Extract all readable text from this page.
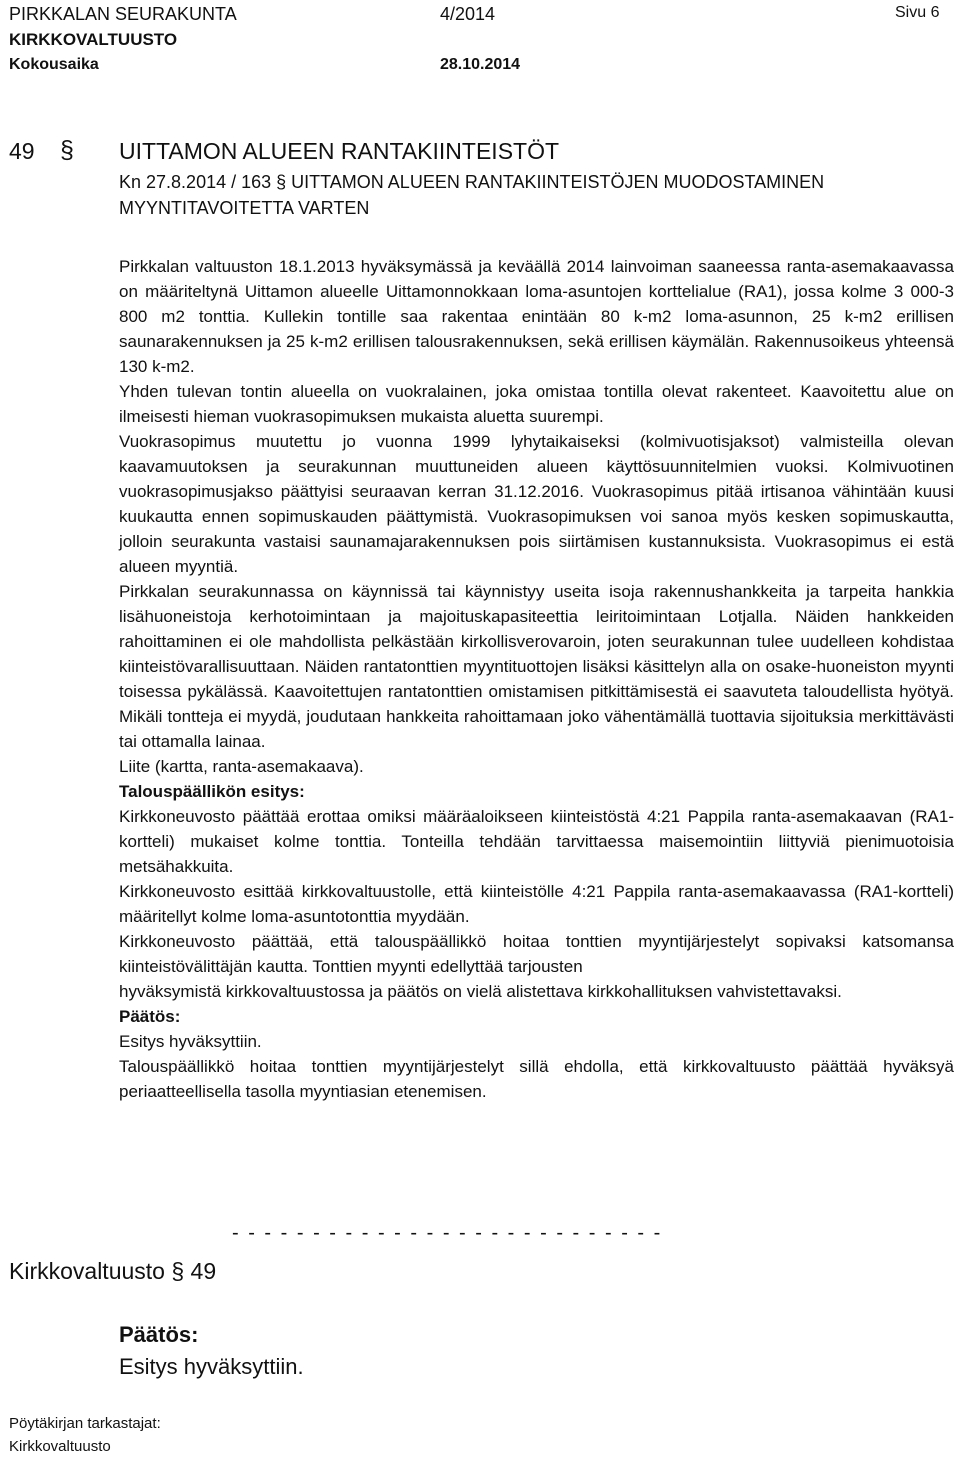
PIRKKALAN SEURAKUNTA	4/2014	Sivu 6
KIRKKOVALTUUSTO
Kokousaika	28.10.2014
49 § UITTAMON ALUEEN RANTAKIINTEISTÖT
Kn 27.8.2014 / 163 § UITTAMON ALUEEN RANTAKIINTEISTÖJEN MUODOSTAMINEN
MYYNTITAVOITETTA VARTEN

Pirkkalan valtuuston 18.1.2013 hyväksymässä ja keväällä 2014 lainvoiman saaneessa ranta-asemakaavassa on määriteltynä Uittamon alueelle Uittamonnokkaan loma-asuntojen korttelialue (RA1), jossa kolme 3 000-3 800 m2 tonttia. Kullekin tontille saa rakentaa enintään 80 k-m2 loma-asunnon, 25 k-m2 erillisen saunarakennuksen ja 25 k-m2 erillisen talousrakennuksen, sekä erillisen käymälän. Rakennusoikeus yhteensä 130 k-m2.

Yhden tulevan tontin alueella on vuokralainen, joka omistaa tontilla olevat rakenteet. Kaavoitettu alue on ilmeisesti hieman vuokrasopimuksen mukaista aluetta suurempi.

Vuokrasopimus muutettu jo vuonna 1999 lyhytaikaiseksi (kolmivuotisjaksot) valmisteilla olevan kaavamuutoksen ja seurakunnan muuttuneiden alueen käyttösuunnitelmien vuoksi. Kolmivuotinen vuokrasopimusjakso päättyisi seuraavan kerran 31.12.2016. Vuokrasopimus pitää irtisanoa vähintään kuusi kuukautta ennen sopimuskauden päättymistä. Vuokrasopimuksen voi sanoa myös kesken sopimuskautta, jolloin seurakunta vastaisi saunamajarakennuksen pois siirtämisen kustannuksista. Vuokrasopimus ei estä alueen myyntiä.

Pirkkalan seurakunnassa on käynnissä tai käynnistyy useita isoja rakennushankkeita ja tarpeita hankkia lisähuoneistoja kerhotoimintaan ja majoituskapasiteettia leiritoimintaan Lotjalla. Näiden hankkeiden rahoittaminen ei ole mahdollista pelkästään kirkollisverovaroin, joten seurakunnan tulee uudelleen kohdistaa kiinteistövarallisuuttaan. Näiden rantatonttien myyntituottojen lisäksi käsittelyn alla on osake-huoneiston myynti toisessa pykälässä. Kaavoitettujen rantatonttien omistamisen pitkittämisestä ei saavuteta taloudellista hyötyä. Mikäli tontteja ei myydä, joudutaan hankkeita rahoittamaan joko vähentämällä tuottavia sijoituksia merkittävästi tai ottamalla lainaa.

Liite (kartta, ranta-asemakaava).

Talouspäällikön esitys:

Kirkkoneuvosto päättää erottaa omiksi määräaloikseen kiinteistöstä 4:21 Pappila ranta-asemakaavan (RA1-kortteli) mukaiset kolme tonttia. Tonteilla tehdään tarvittaessa maisemointiin liittyviä pienimuotoisia metsähakkuita.

Kirkkoneuvosto esittää kirkkovaltuustolle, että kiinteistölle 4:21 Pappila ranta-asemakaavassa (RA1-kortteli) määritellyt kolme loma-asuntotonttia myydään.

Kirkkoneuvosto päättää, että talouspäällikkö hoitaa tonttien myyntijärjestelyt sopivaksi katsomansa kiinteistövälittäjän kautta. Tonttien myynti edellyttää tarjousten

hyväksymistä kirkkovaltuustossa ja päätös on vielä alistettava kirkkohallituksen vahvistettavaksi.

Päätös:

Esitys hyväksyttiin.

Talouspäällikkö hoitaa tonttien myyntijärjestelyt sillä ehdolla, että kirkkovaltuusto päättää hyväksyä periaatteellisella tasolla myyntiasian etenemisen.

- - - - - - - - - - - - - - - - - - - - - - - - - - -
Kirkkovaltuusto § 49
Päätös:
Esitys hyväksyttiin.
Pöytäkirjan tarkastajat:
Kirkkovaltuusto
